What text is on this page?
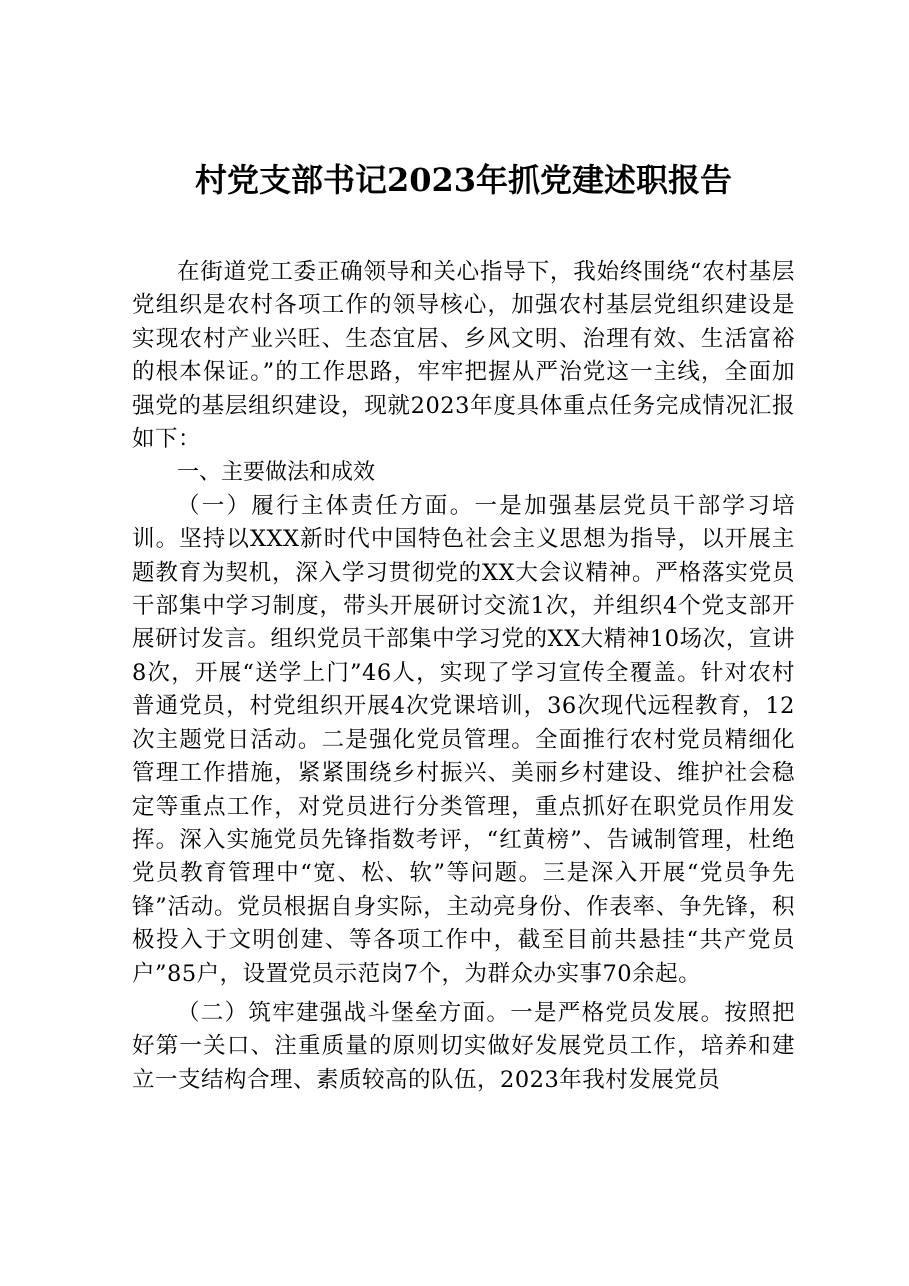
村党支部书记2023年抓党建述职报告

在街道党工委正确领导和关心指导下，我始终围绕“农村基层党组织是农村各项工作的领导核心，加强农村基层党组织建设是实现农村产业兴旺、生态宜居、乡风文明、治理有效、生活富裕的根本保证。”的工作思路，牢牢把握从严治党这一主线，全面加强党的基层组织建设，现就2023年度具体重点任务完成情况汇报如下：

一、主要做法和成效

（一）履行主体责任方面。一是加强基层党员干部学习培训。坚持以XXX新时代中国特色社会主义思想为指导，以开展主题教育为契机，深入学习贯彻党的XX大会议精神。严格落实党员干部集中学习制度，带头开展研讨交流1次，并组织4个党支部开展研讨发言。组织党员干部集中学习党的XX大精神10场次，宣讲8次，开展“送学上门”46人，实现了学习宣传全覆盖。针对农村普通党员，村党组织开展4次党课培训，36次现代远程教育，12次主题党日活动。二是强化党员管理。全面推行农村党员精细化管理工作措施，紧紧围绕乡村振兴、美丽乡村建设、维护社会稳定等重点工作，对党员进行分类管理，重点抓好在职党员作用发挥。深入实施党员先锋指数考评，“红黄榜”、告诫制管理，杜绝党员教育管理中“宽、松、软”等问题。三是深入开展“党员争先锋”活动。党员根据自身实际，主动亮身份、作表率、争先锋，积极投入于文明创建、等各项工作中，截至目前共悬挂“共产党员户”85户，设置党员示范岗7个，为群众办实事70余起。

（二）筑牢建强战斗堡垒方面。一是严格党员发展。按照把好第一关口、注重质量的原则切实做好发展党员工作，培养和建立一支结构合理、素质较高的队伍，2023年我村发展党员
